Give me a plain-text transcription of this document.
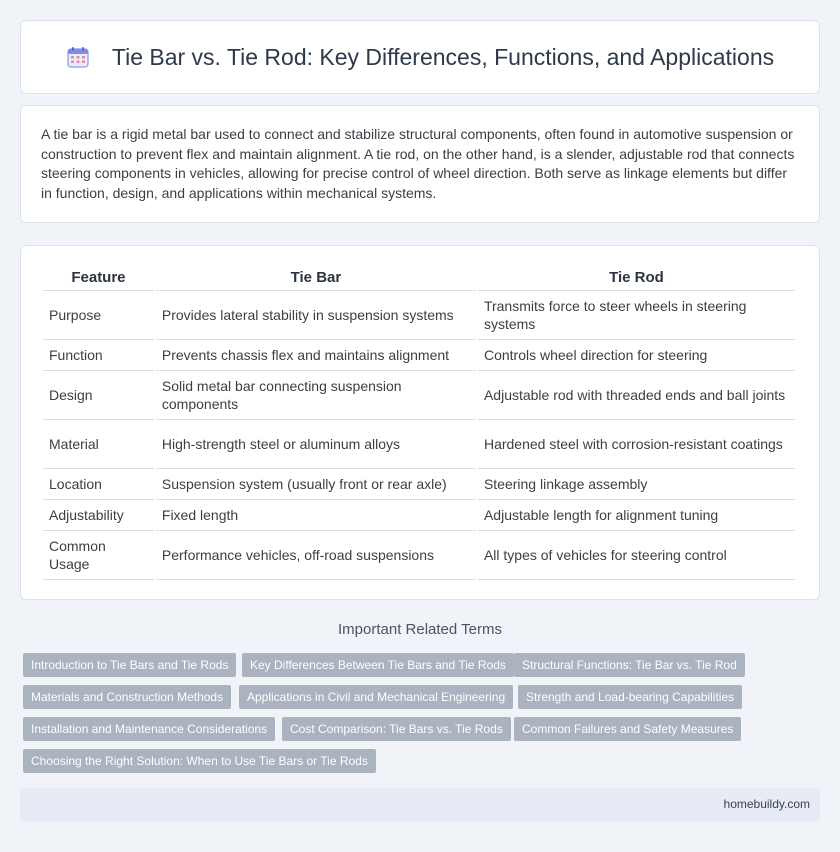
Tie Bar vs. Tie Rod: Key Differences, Functions, and Applications

A tie bar is a rigid metal bar used to connect and stabilize structural components, often found in automotive suspension or construction to prevent flex and maintain alignment. A tie rod, on the other hand, is a slender, adjustable rod that connects steering components in vehicles, allowing for precise control of wheel direction. Both serve as linkage elements but differ in function, design, and applications within mechanical systems.

Feature	Tie Bar	Tie Rod
Purpose	Provides lateral stability in suspension systems	Transmits force to steer wheels in steering systems
Function	Prevents chassis flex and maintains alignment	Controls wheel direction for steering
Design	Solid metal bar connecting suspension components	Adjustable rod with threaded ends and ball joints
Material	High-strength steel or aluminum alloys	Hardened steel with corrosion-resistant coatings
Location	Suspension system (usually front or rear axle)	Steering linkage assembly
Adjustability	Fixed length	Adjustable length for alignment tuning
Common Usage	Performance vehicles, off-road suspensions	All types of vehicles for steering control
Important Related Terms
Introduction to Tie Bars and Tie Rods	Key Differences Between Tie Bars and Tie Rods	Structural Functions: Tie Bar vs. Tie Rod
Materials and Construction Methods	Applications in Civil and Mechanical Engineering	Strength and Load-bearing Capabilities
Installation and Maintenance Considerations	Cost Comparison: Tie Bars vs. Tie Rods	Common Failures and Safety Measures
Choosing the Right Solution: When to Use Tie Bars or Tie Rods
homebuildy.com
